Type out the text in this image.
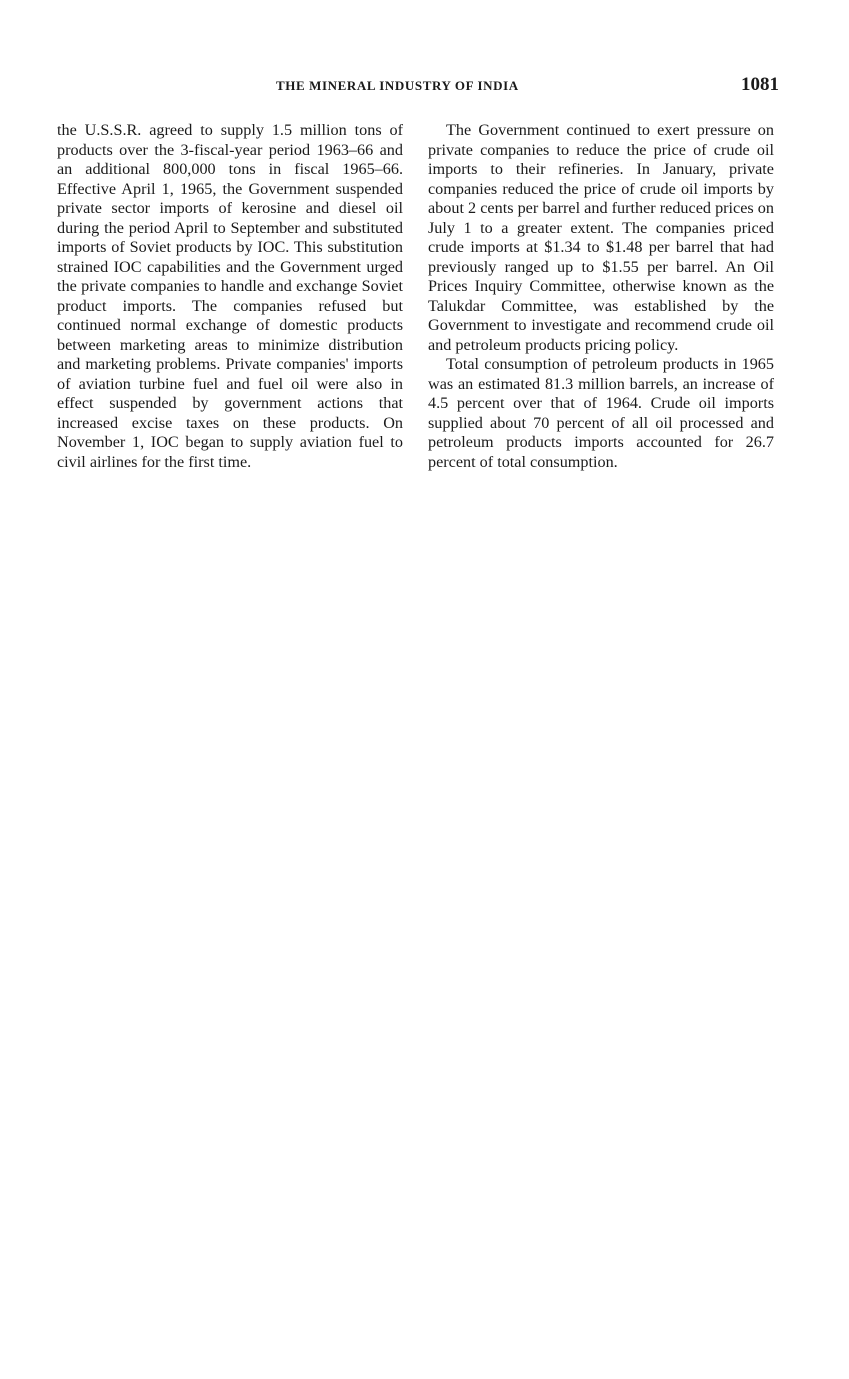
THE MINERAL INDUSTRY OF INDIA	1081

the U.S.S.R. agreed to supply 1.5 million tons of products over the 3-fiscal-year period 1963–66 and an additional 800,000 tons in fiscal 1965–66. Effective April 1, 1965, the Government suspended private sector imports of kerosine and diesel oil during the period April to September and substituted imports of Soviet products by IOC. This substitution strained IOC capabilities and the Government urged the private companies to handle and exchange Soviet product imports. The companies refused but continued normal exchange of domestic products between marketing areas to minimize distribution and marketing problems. Private companies' imports of aviation turbine fuel and fuel oil were also in effect suspended by government actions that increased excise taxes on these products. On November 1, IOC began to supply aviation fuel to civil airlines for the first time.

The Government continued to exert pressure on private companies to reduce the price of crude oil imports to their refineries. In January, private companies reduced the price of crude oil imports by about 2 cents per barrel and further reduced prices on July 1 to a greater extent. The companies priced crude imports at $1.34 to $1.48 per barrel that had previously ranged up to $1.55 per barrel. An Oil Prices Inquiry Committee, otherwise known as the Talukdar Committee, was established by the Government to investigate and recommend crude oil and petroleum products pricing policy.

Total consumption of petroleum products in 1965 was an estimated 81.3 million barrels, an increase of 4.5 percent over that of 1964. Crude oil imports supplied about 70 percent of all oil processed and petroleum products imports accounted for 26.7 percent of total consumption.
